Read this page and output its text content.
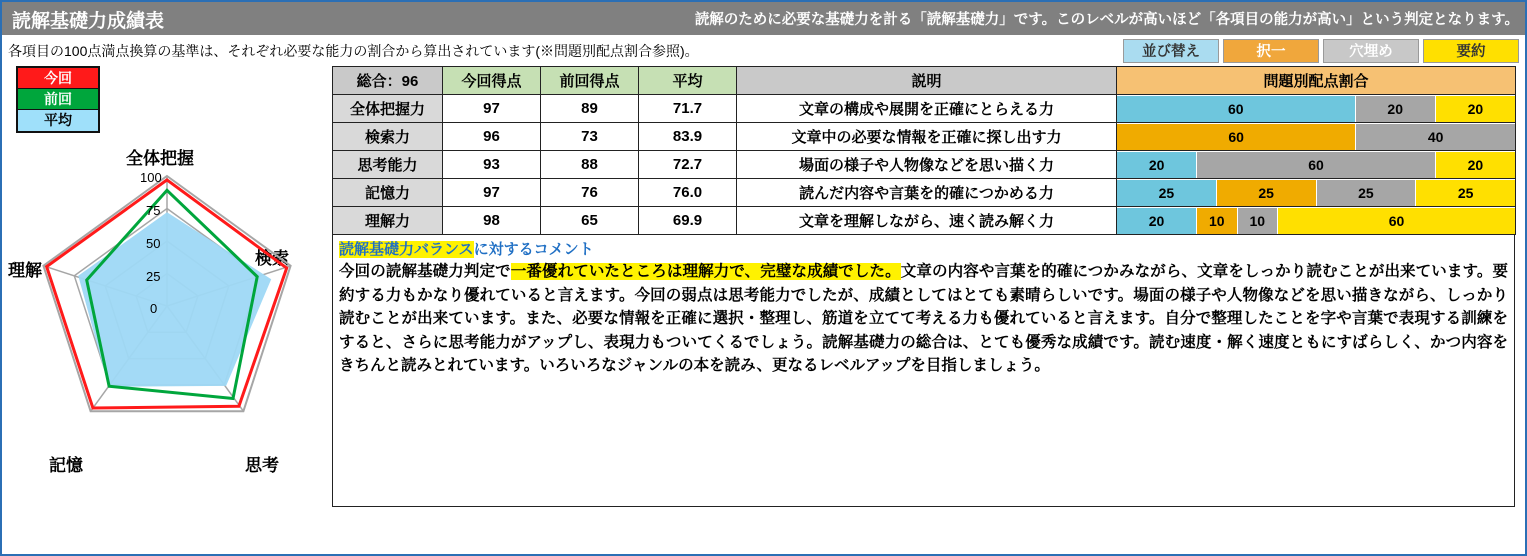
読解基礎力成績表	読解のために必要な基礎力を計る「読解基礎力」です。このレベルが高いほど「各項目の能力が高い」という判定となります。
各項目の100点満点換算の基準は、それぞれ必要な能力の割合から算出されています(※問題別配点割合参照)。	並び替え	択一	穴埋め	要約
今回
前回
平均
全体把握
検索
思考
記憶
理解
100
75
50
25
0
総合：96	今回得点	前回得点	平均	説明	問題別配点割合
全体把握力	97	89	71.7	文章の構成や展開を正確にとらえる力	60 20 20

検索力	96	73	83.9	文章中の必要な情報を正確に探し出す力	60 40

思考能力	93	88	72.7	場面の様子や人物像などを思い描く力	20 60 20

記憶力	97	76	76.0	読んだ内容や言葉を的確につかめる力	25 25 25 25

理解力	98	65	69.9	文章を理解しながら、速く読み解く力	20 10 10 60
読解基礎力バランスに対するコメント
今回の読解基礎力判定で一番優れていたところは理解力で、完璧な成績でした。文章の内容や言葉を的確につかみながら、文章をしっかり読むことが出来ています。要約する力もかなり優れていると言えます。今回の弱点は思考能力でしたが、成績としてはとても素晴らしいです。場面の様子や人物像などを思い描きながら、しっかり読むことが出来ています。また、必要な情報を正確に選択・整理し、筋道を立てて考える力も優れていると言えます。自分で整理したことを字や言葉で表現する訓練をすると、さらに思考能力がアップし、表現力もついてくるでしょう。読解基礎力の総合は、とても優秀な成績です。読む速度・解く速度ともにすばらしく、かつ内容をきちんと読みとれています。いろいろなジャンルの本を読み、更なるレベルアップを目指しましょう。
